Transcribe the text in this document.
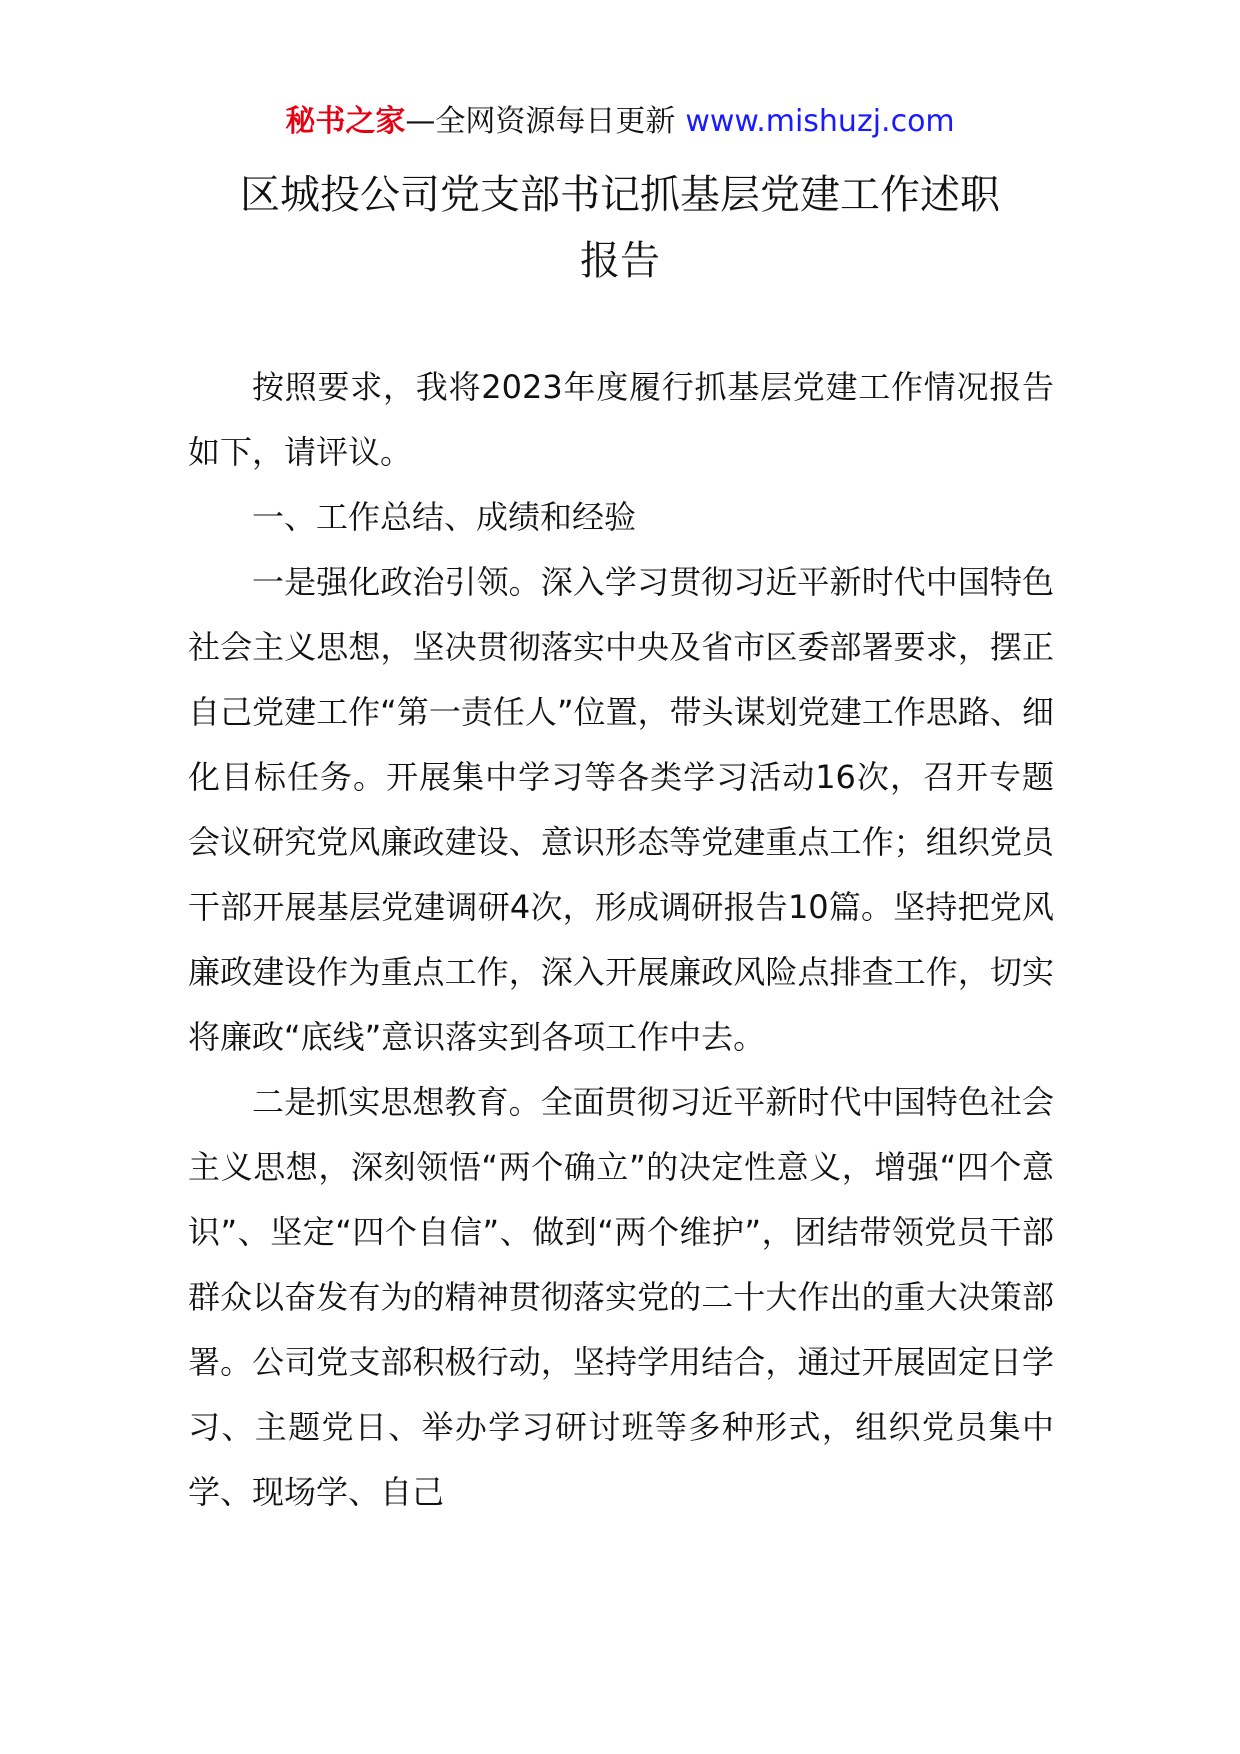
秘书之家—全网资源每日更新 www.mishuzj.com
区城投公司党支部书记抓基层党建工作述职
报告

按照要求，我将2023年度履行抓基层党建工作情况报告如下，请评议。

一、工作总结、成绩和经验

一是强化政治引领。深入学习贯彻习近平新时代中国特色社会主义思想，坚决贯彻落实中央及省市区委部署要求，摆正自己党建工作“第一责任人”位置，带头谋划党建工作思路、细化目标任务。开展集中学习等各类学习活动16次，召开专题会议研究党风廉政建设、意识形态等党建重点工作；组织党员干部开展基层党建调研4次，形成调研报告10篇。坚持把党风廉政建设作为重点工作，深入开展廉政风险点排查工作，切实将廉政“底线”意识落实到各项工作中去。

二是抓实思想教育。全面贯彻习近平新时代中国特色社会主义思想，深刻领悟“两个确立”的决定性意义，增强“四个意识”、坚定“四个自信”、做到“两个维护”，团结带领党员干部群众以奋发有为的精神贯彻落实党的二十大作出的重大决策部署。公司党支部积极行动，坚持学用结合，通过开展固定日学习、主题党日、举办学习研讨班等多种形式，组织党员集中学、现场学、自己
